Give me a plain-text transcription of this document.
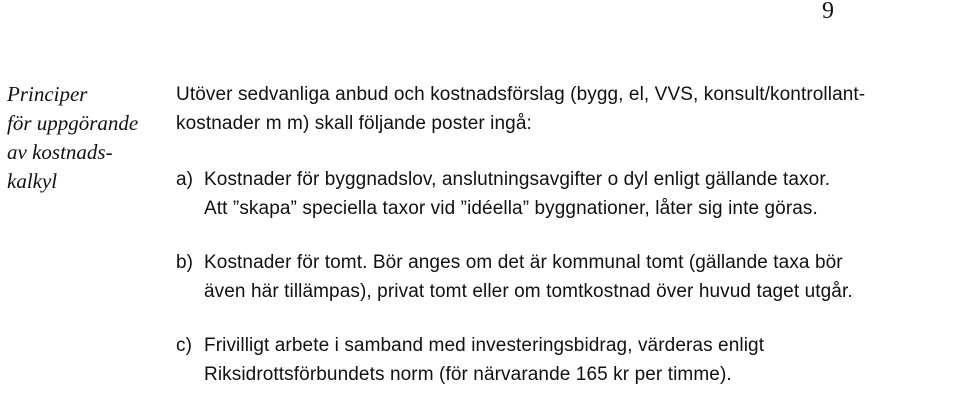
9
Principer
för uppgörande
av kostnads-
kalkyl
Utöver sedvanliga anbud och kostnadsförslag (bygg, el, VVS, konsult/kontrollant-
kostnader m m) skall följande poster ingå:
a) Kostnader för byggnadslov, anslutningsavgifter o dyl enligt gällande taxor.
Att ”skapa” speciella taxor vid ”idéella” byggnationer, låter sig inte göras.
b) Kostnader för tomt. Bör anges om det är kommunal tomt (gällande taxa bör
även här tillämpas), privat tomt eller om tomtkostnad över huvud taget utgår.
c) Frivilligt arbete i samband med investeringsbidrag, värderas enligt
Riksidrottsförbundets norm (för närvarande 165 kr per timme).
